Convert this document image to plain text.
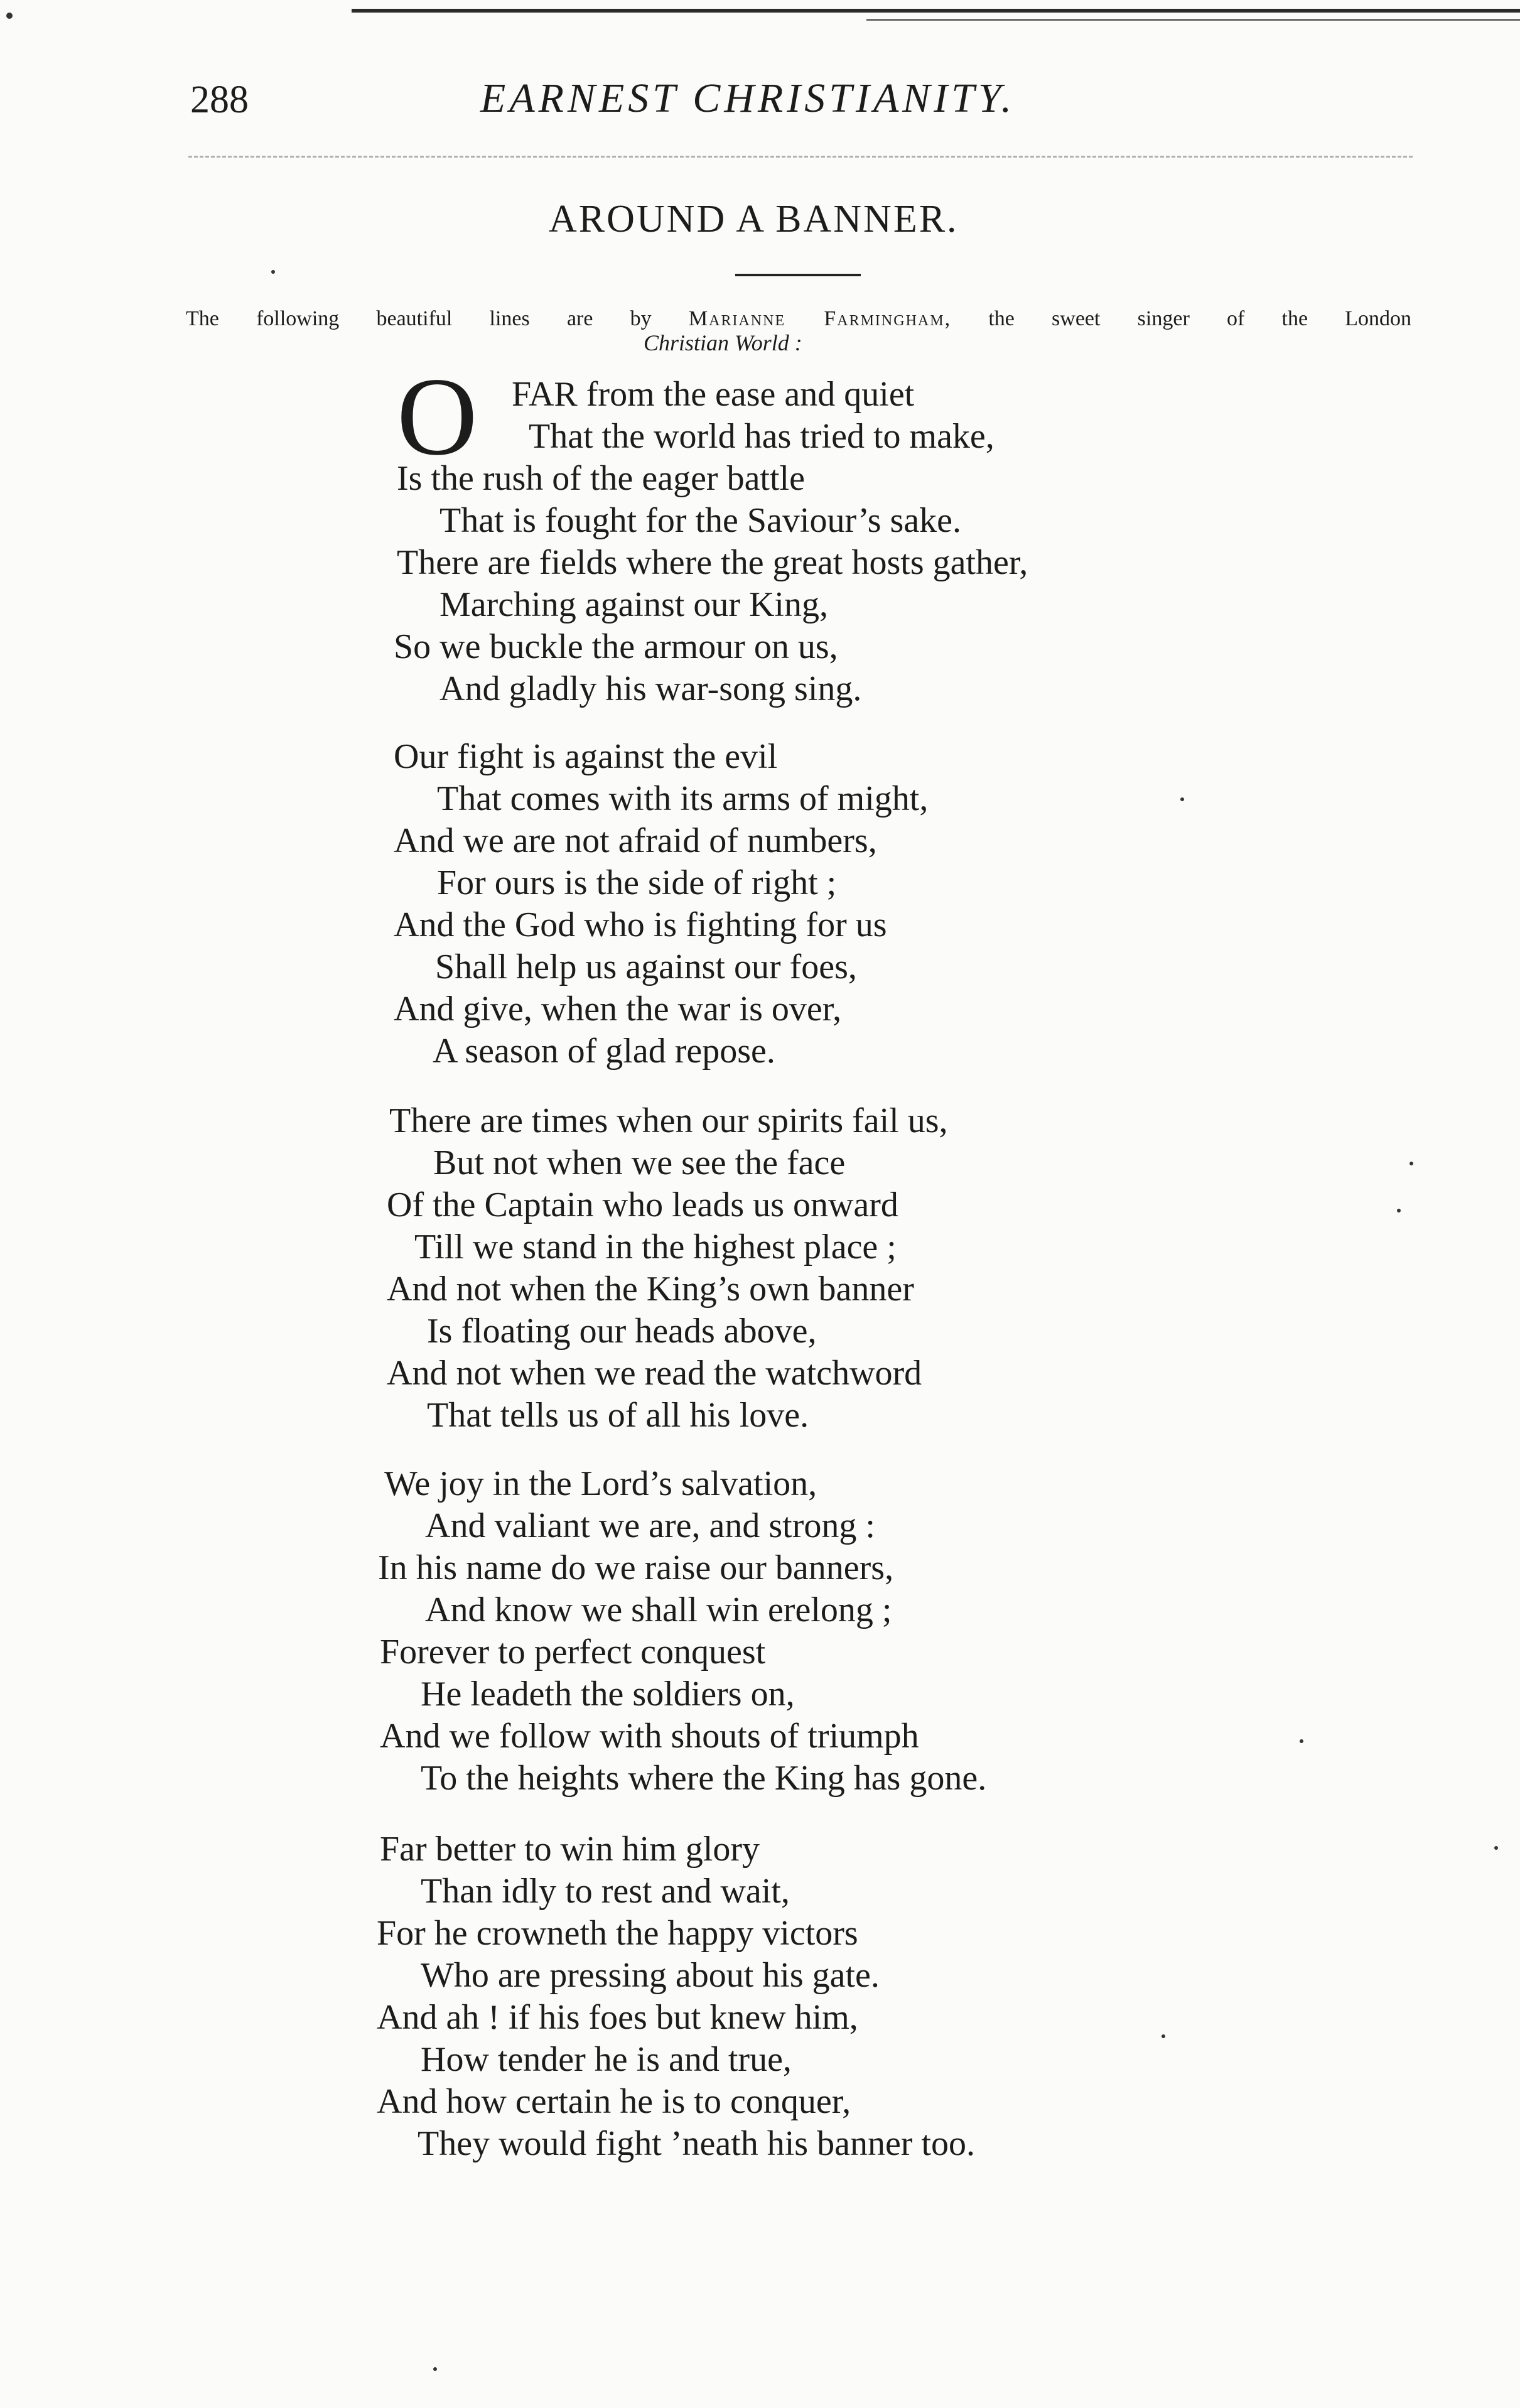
288	EARNEST CHRISTIANITY.
AROUND A BANNER.
The following beautiful lines are by Marianne Farmingham, the sweet singer of the London
Christian World :
O FAR from the ease and quiet
That the world has tried to make,
Is the rush of the eager battle
That is fought for the Saviour’s sake.
There are fields where the great hosts gather,
Marching against our King,
So we buckle the armour on us,
And gladly his war-song sing.
Our fight is against the evil
That comes with its arms of might,
And we are not afraid of numbers,
For ours is the side of right ;
And the God who is fighting for us
Shall help us against our foes,
And give, when the war is over,
A season of glad repose.
There are times when our spirits fail us,
But not when we see the face
Of the Captain who leads us onward
Till we stand in the highest place ;
And not when the King’s own banner
Is floating our heads above,
And not when we read the watchword
That tells us of all his love.
We joy in the Lord’s salvation,
And valiant we are, and strong :
In his name do we raise our banners,
And know we shall win erelong ;
Forever to perfect conquest
He leadeth the soldiers on,
And we follow with shouts of triumph
To the heights where the King has gone.
Far better to win him glory
Than idly to rest and wait,
For he crowneth the happy victors
Who are pressing about his gate.
And ah ! if his foes but knew him,
How tender he is and true,
And how certain he is to conquer,
They would fight ’neath his banner too.
